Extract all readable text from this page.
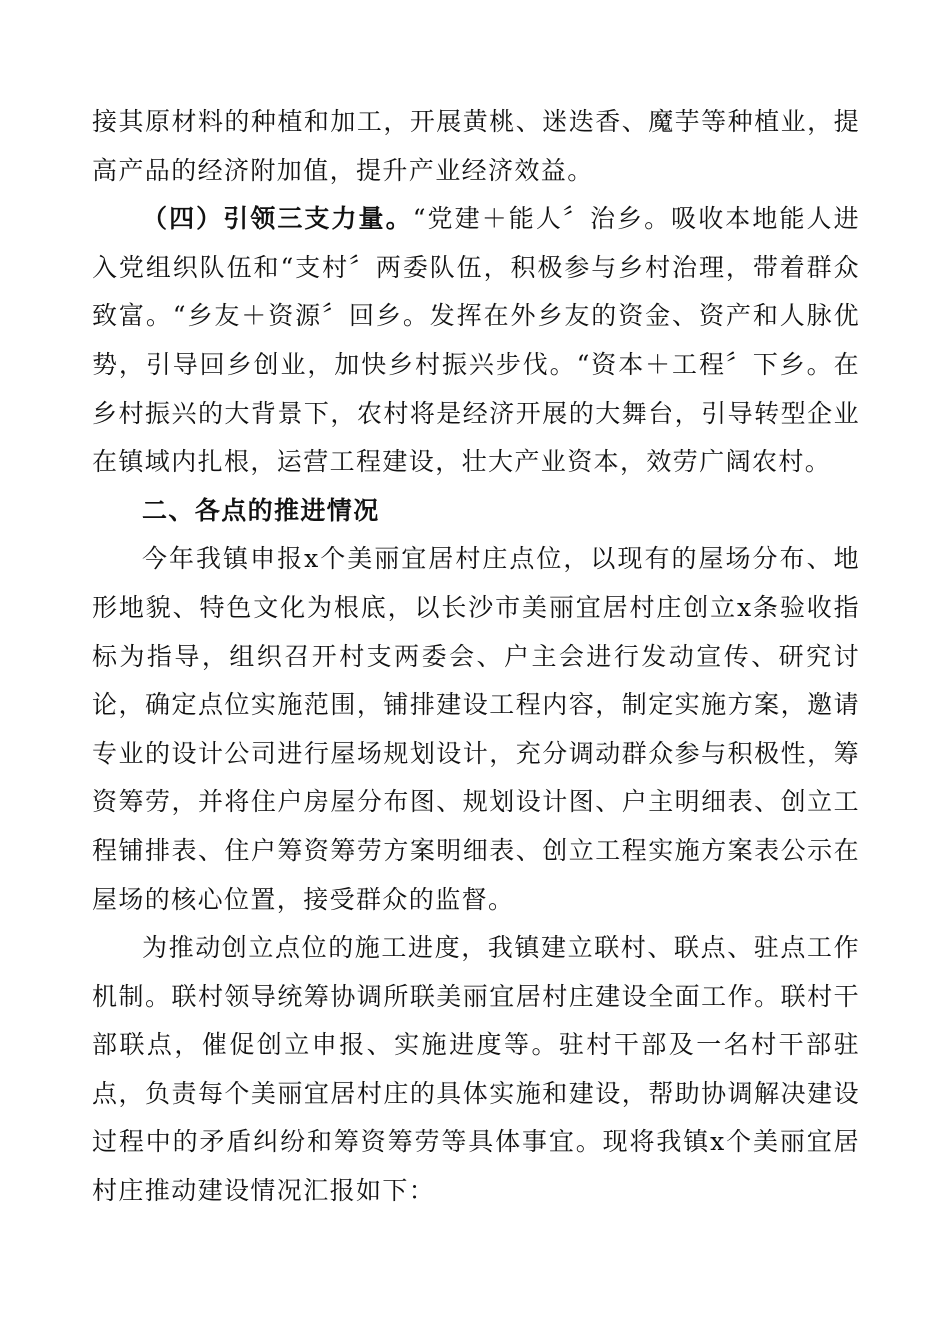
接其原材料的种植和加工，开展黄桃、迷迭香、魔芋等种植业，提高产品的经济附加值，提升产业经济效益。

（四）引领三支力量。“党建＋能人〞治乡。吸收本地能人进入党组织队伍和“支村〞两委队伍，积极参与乡村治理，带着群众致富。“乡友＋资源〞回乡。发挥在外乡友的资金、资产和人脉优势，引导回乡创业，加快乡村振兴步伐。“资本＋工程〞下乡。在乡村振兴的大背景下，农村将是经济开展的大舞台，引导转型企业在镇域内扎根，运营工程建设，壮大产业资本，效劳广阔农村。

二、各点的推进情况

今年我镇申报x个美丽宜居村庄点位，以现有的屋场分布、地形地貌、特色文化为根底，以长沙市美丽宜居村庄创立x条验收指标为指导，组织召开村支两委会、户主会进行发动宣传、研究讨论，确定点位实施范围，铺排建设工程内容，制定实施方案，邀请专业的设计公司进行屋场规划设计，充分调动群众参与积极性，筹资筹劳，并将住户房屋分布图、规划设计图、户主明细表、创立工程铺排表、住户筹资筹劳方案明细表、创立工程实施方案表公示在屋场的核心位置，接受群众的监督。

为推动创立点位的施工进度，我镇建立联村、联点、驻点工作机制。联村领导统筹协调所联美丽宜居村庄建设全面工作。联村干部联点，催促创立申报、实施进度等。驻村干部及一名村干部驻点，负责每个美丽宜居村庄的具体实施和建设，帮助协调解决建设过程中的矛盾纠纷和筹资筹劳等具体事宜。现将我镇x个美丽宜居村庄推动建设情况汇报如下：
